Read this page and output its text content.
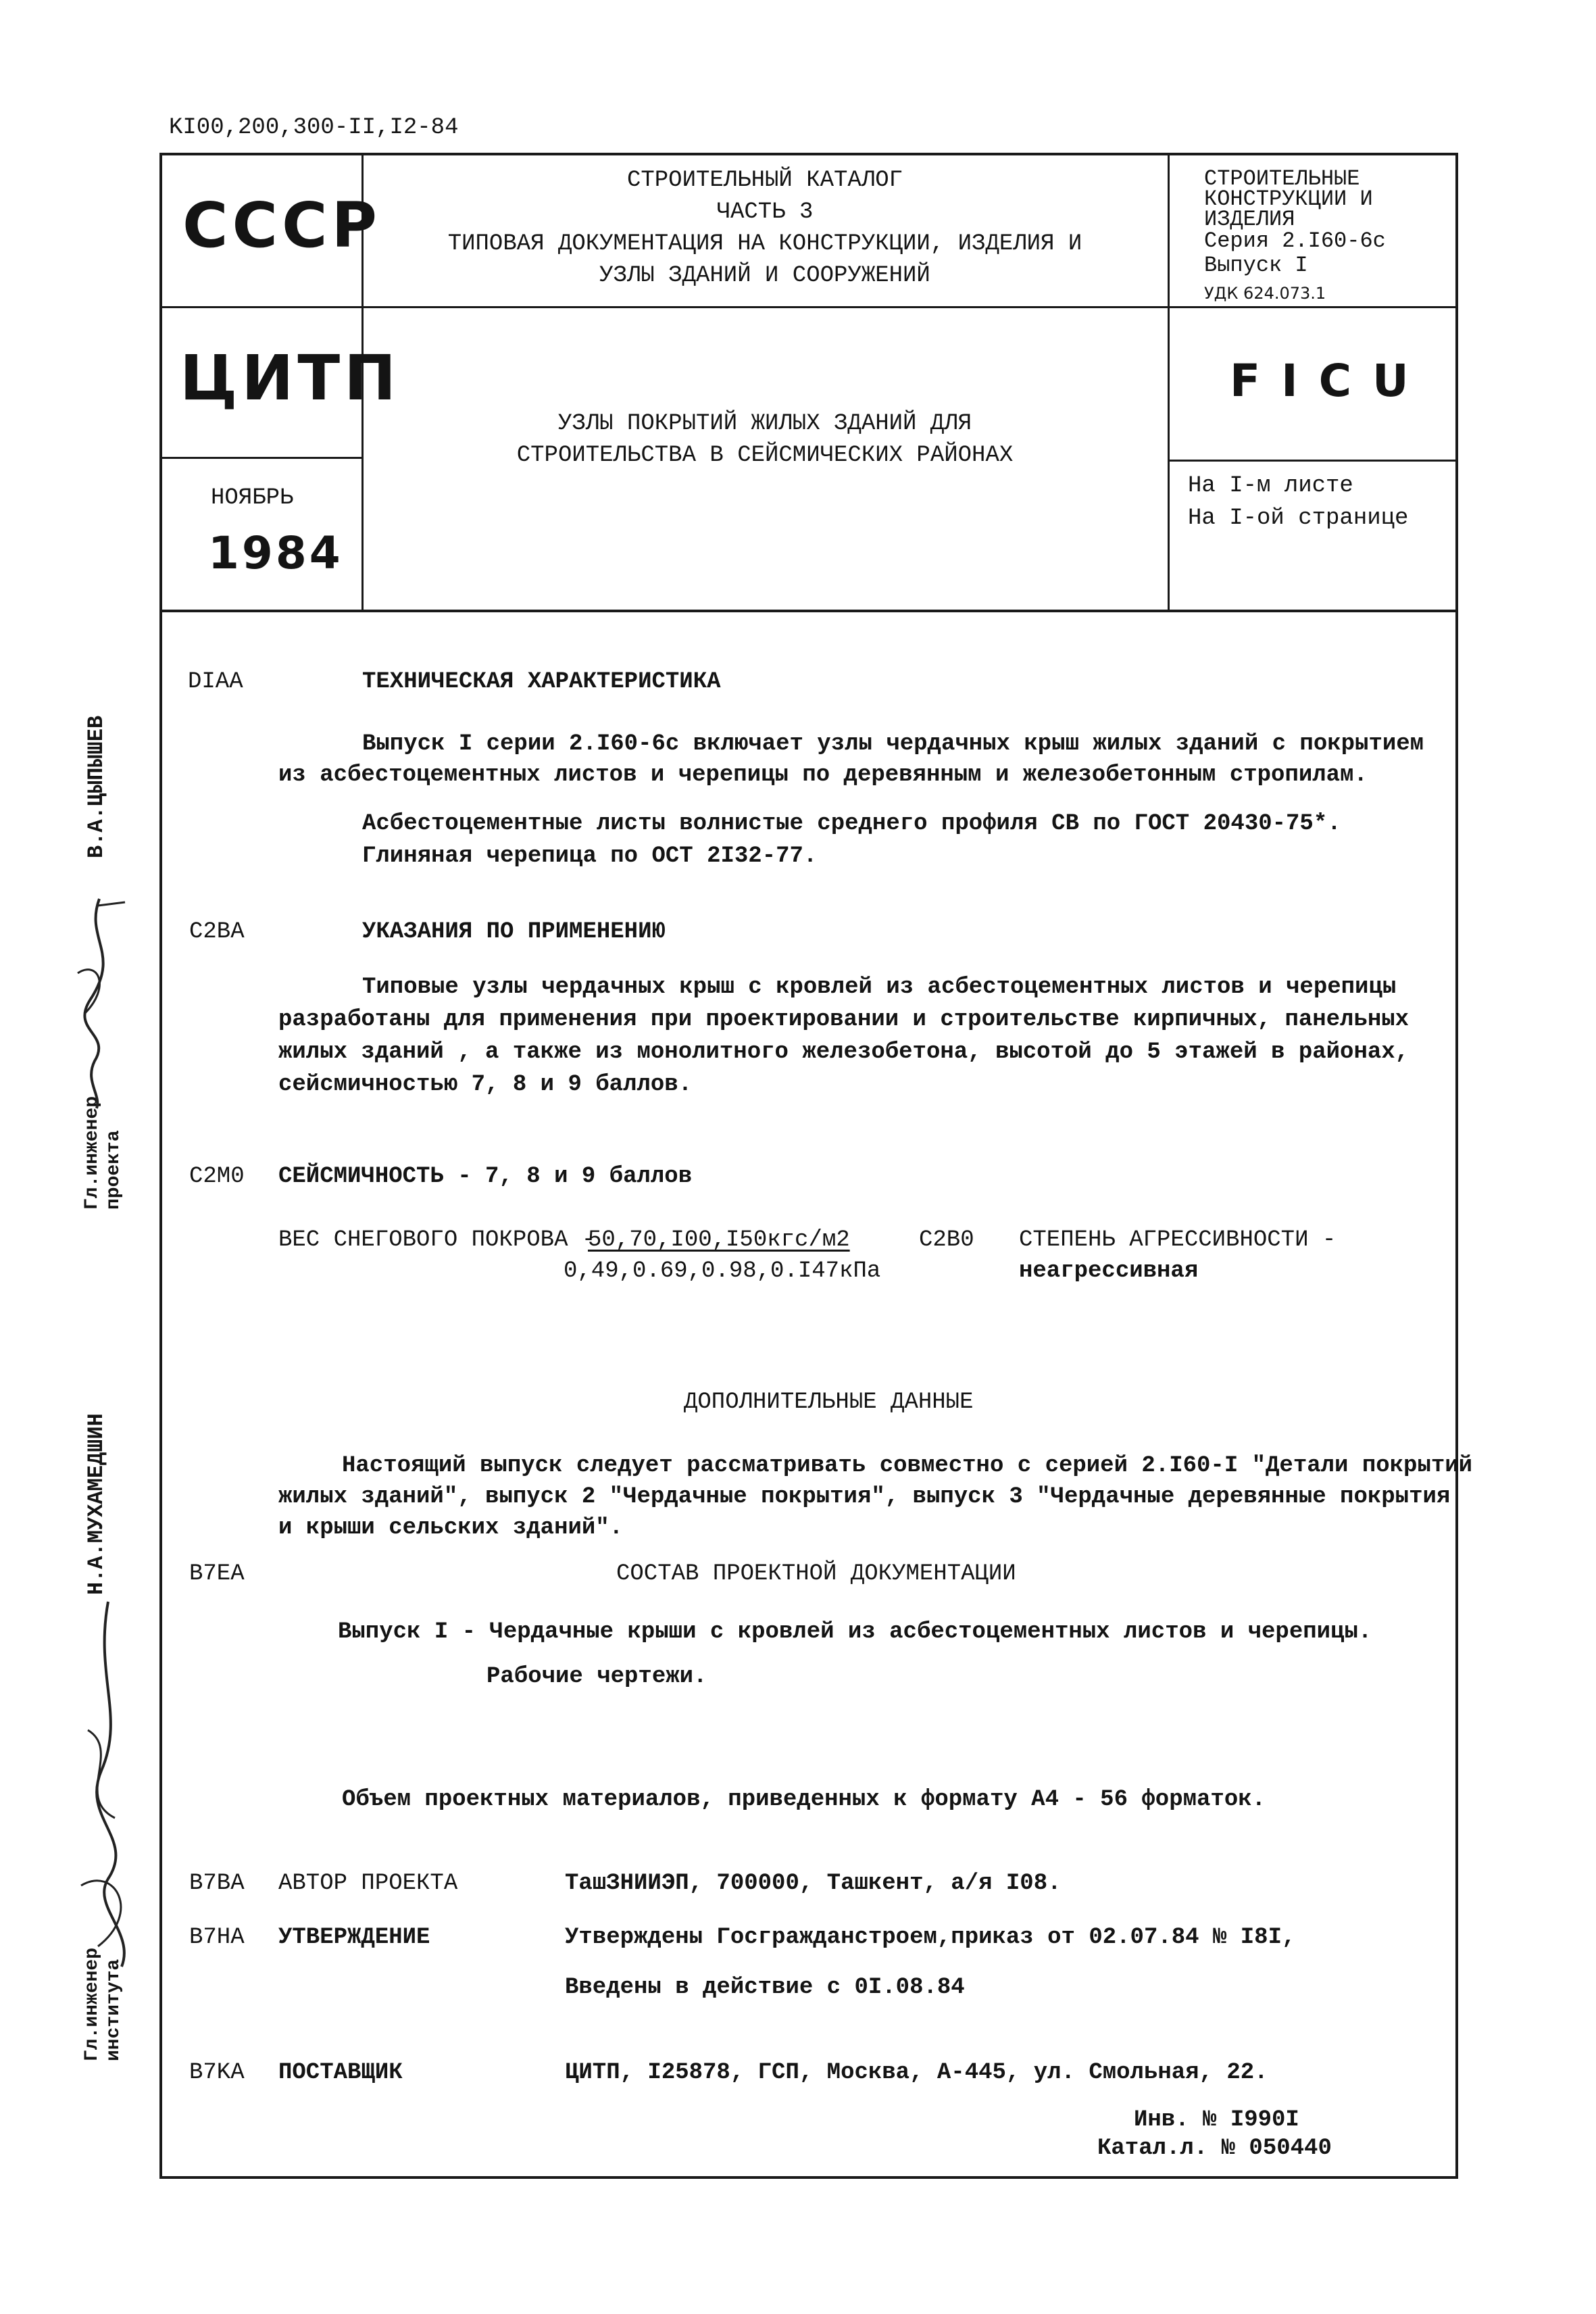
KI00,200,300-II,I2-84
СССР
ЦИТП
НОЯБРЬ
1984
СТРОИТЕЛЬНЫЙ КАТАЛОГ
ЧАСТЬ 3
ТИПОВАЯ ДОКУМЕНТАЦИЯ НА КОНСТРУКЦИИ, ИЗДЕЛИЯ И
УЗЛЫ ЗДАНИЙ И СООРУЖЕНИЙ
УЗЛЫ ПОКРЫТИЙ ЖИЛЫХ ЗДАНИЙ ДЛЯ
СТРОИТЕЛЬСТВА В СЕЙСМИЧЕСКИХ РАЙОНАХ
СТРОИТЕЛЬНЫЕ
КОНСТРУКЦИИ И
ИЗДЕЛИЯ
Серия 2.I60-6с
Выпуск I
УДК 624.073.1
F I C U
На I-м листе
На I-ой странице
В.А.ЦЫПЫШЕВ
Гл.инженер проекта
Н.А.МУХАМЕДШИН
Гл.инженер института
DIAA	ТЕХНИЧЕСКАЯ ХАРАКТЕРИСТИКА
Выпуск I серии 2.I60-6с включает узлы чердачных крыш жилых зданий с покрытием
из асбестоцементных листов и черепицы по деревянным и железобетонным стропилам.
Асбестоцементные листы волнистые среднего профиля СВ по ГОСТ 20430-75*.
Глиняная черепица по ОСТ 2I32-77.
C2BA	УКАЗАНИЯ ПО ПРИМЕНЕНИЮ
Типовые узлы чердачных крыш с кровлей из асбестоцементных листов и черепицы
разработаны для применения при проектировании и строительстве кирпичных, панельных
жилых зданий , а также из монолитного железобетона, высотой до 5 этажей в районах,
сейсмичностью 7, 8 и 9 баллов.
C2M0 СЕЙСМИЧНОСТЬ - 7, 8 и 9 баллов
ВЕС СНЕГОВОГО ПОКРОВА -
50,70,I00,I50кгс/м2
0,49,0.69,0.98,0.I47кПа
C2B0 СТЕПЕНЬ АГРЕССИВНОСТИ -
неагрессивная
ДОПОЛНИТЕЛЬНЫЕ ДАННЫЕ
Настоящий выпуск следует рассматривать совместно с серией 2.I60-I "Детали покрытий
жилых зданий", выпуск 2 "Чердачные покрытия", выпуск 3 "Чердачные деревянные покрытия
и крыши сельских зданий".
B7EA	СОСТАВ ПРОЕКТНОЙ ДОКУМЕНТАЦИИ
Выпуск I - Чердачные крыши с кровлей из асбестоцементных листов и черепицы.
Рабочие чертежи.
Объем проектных материалов, приведенных к формату А4 - 56 форматок.
B7BA АВТОР ПРОЕКТА	ТашЗНИИЭП, 700000, Ташкент, а/я I08.
B7HA УТВЕРЖДЕНИЕ	Утверждены Госгражданстроем,приказ от 02.07.84 № I8I,
Введены в действие с 0I.08.84
B7KA ПОСТАВЩИК	ЦИТП, I25878, ГСП, Москва, А-445, ул. Смольная, 22.
Инв. № I990I
Катал.л. № 050440
